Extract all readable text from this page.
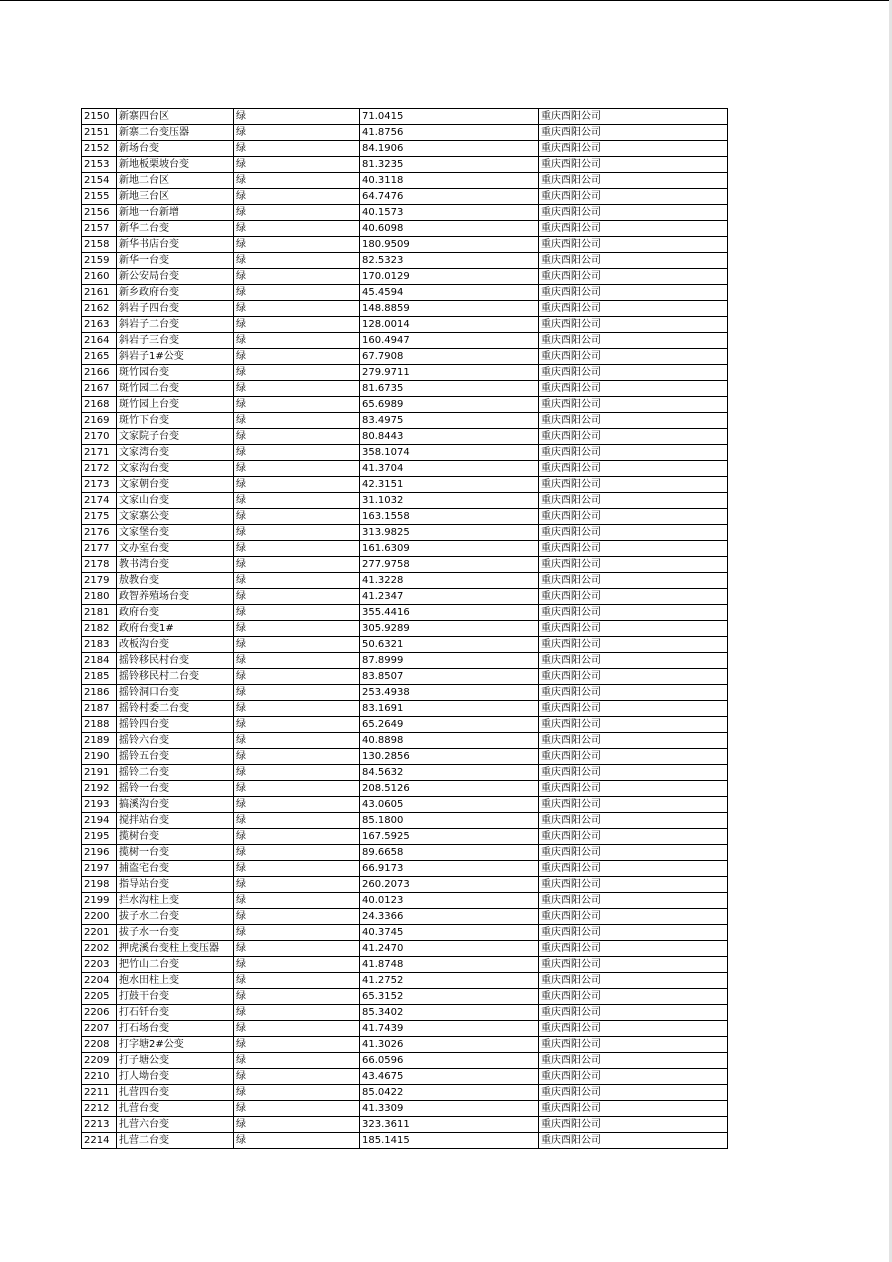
2150	新寨四台区	绿	71.0415	重庆酉阳公司
2151	新寨二台变压器	绿	41.8756	重庆酉阳公司
2152	新场台变	绿	84.1906	重庆酉阳公司
2153	新地板栗坡台变	绿	81.3235	重庆酉阳公司
2154	新地二台区	绿	40.3118	重庆酉阳公司
2155	新地三台区	绿	64.7476	重庆酉阳公司
2156	新地一台新增	绿	40.1573	重庆酉阳公司
2157	新华二台变	绿	40.6098	重庆酉阳公司
2158	新华书店台变	绿	180.9509	重庆酉阳公司
2159	新华一台变	绿	82.5323	重庆酉阳公司
2160	新公安局台变	绿	170.0129	重庆酉阳公司
2161	新乡政府台变	绿	45.4594	重庆酉阳公司
2162	斜岩子四台变	绿	148.8859	重庆酉阳公司
2163	斜岩子二台变	绿	128.0014	重庆酉阳公司
2164	斜岩子三台变	绿	160.4947	重庆酉阳公司
2165	斜岩子1#公变	绿	67.7908	重庆酉阳公司
2166	斑竹园台变	绿	279.9711	重庆酉阳公司
2167	斑竹园二台变	绿	81.6735	重庆酉阳公司
2168	斑竹园上台变	绿	65.6989	重庆酉阳公司
2169	斑竹下台变	绿	83.4975	重庆酉阳公司
2170	文家院子台变	绿	80.8443	重庆酉阳公司
2171	文家湾台变	绿	358.1074	重庆酉阳公司
2172	文家沟台变	绿	41.3704	重庆酉阳公司
2173	文家朝台变	绿	42.3151	重庆酉阳公司
2174	文家山台变	绿	31.1032	重庆酉阳公司
2175	文家寨公变	绿	163.1558	重庆酉阳公司
2176	文家堡台变	绿	313.9825	重庆酉阳公司
2177	文办室台变	绿	161.6309	重庆酉阳公司
2178	教书湾台变	绿	277.9758	重庆酉阳公司
2179	敖教台变	绿	41.3228	重庆酉阳公司
2180	政智养殖场台变	绿	41.2347	重庆酉阳公司
2181	政府台变	绿	355.4416	重庆酉阳公司
2182	政府台变1#	绿	305.9289	重庆酉阳公司
2183	改板沟台变	绿	50.6321	重庆酉阳公司
2184	摇铃移民村台变	绿	87.8999	重庆酉阳公司
2185	摇铃移民村二台变	绿	83.8507	重庆酉阳公司
2186	摇铃洞口台变	绿	253.4938	重庆酉阳公司
2187	摇铃村委二台变	绿	83.1691	重庆酉阳公司
2188	摇铃四台变	绿	65.2649	重庆酉阳公司
2189	摇铃六台变	绿	40.8898	重庆酉阳公司
2190	摇铃五台变	绿	130.2856	重庆酉阳公司
2191	摇铃二台变	绿	84.5632	重庆酉阳公司
2192	摇铃一台变	绿	208.5126	重庆酉阳公司
2193	搞溪沟台变	绿	43.0605	重庆酉阳公司
2194	搅拌站台变	绿	85.1800	重庆酉阳公司
2195	揽树台变	绿	167.5925	重庆酉阳公司
2196	揽树一台变	绿	89.6658	重庆酉阳公司
2197	捕盗宅台变	绿	66.9173	重庆酉阳公司
2198	指导站台变	绿	260.2073	重庆酉阳公司
2199	拦水沟柱上变	绿	40.0123	重庆酉阳公司
2200	拔子水二台变	绿	24.3366	重庆酉阳公司
2201	拔子水一台变	绿	40.3745	重庆酉阳公司
2202	押虎溪台变柱上变压器	绿	41.2470	重庆酉阳公司
2203	把竹山二台变	绿	41.8748	重庆酉阳公司
2204	抱水田柱上变	绿	41.2752	重庆酉阳公司
2205	打鼓干台变	绿	65.3152	重庆酉阳公司
2206	打石钎台变	绿	85.3402	重庆酉阳公司
2207	打石场台变	绿	41.7439	重庆酉阳公司
2208	打字塘2#公变	绿	41.3026	重庆酉阳公司
2209	打子塘公变	绿	66.0596	重庆酉阳公司
2210	打人坳台变	绿	43.4675	重庆酉阳公司
2211	扎营四台变	绿	85.0422	重庆酉阳公司
2212	扎营台变	绿	41.3309	重庆酉阳公司
2213	扎营六台变	绿	323.3611	重庆酉阳公司
2214	扎营二台变	绿	185.1415	重庆酉阳公司
